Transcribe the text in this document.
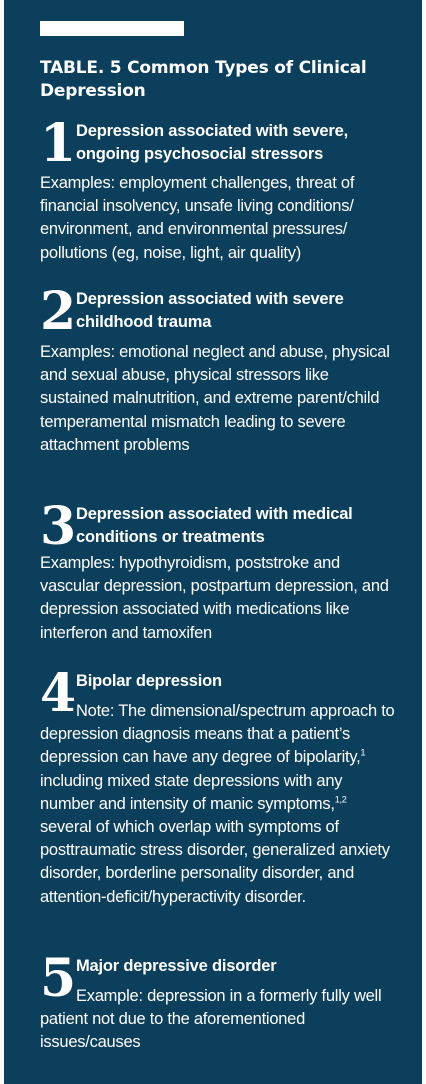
TABLE. 5 Common Types of Clinical Depression
1 Depression associated with severe, ongoing psychosocial stressors
Examples: employment challenges, threat of financial insolvency, unsafe living conditions/ environment, and environmental pressures/ pollutions (eg, noise, light, air quality)
2 Depression associated with severe childhood trauma
Examples: emotional neglect and abuse, physical and sexual abuse, physical stressors like sustained malnutrition, and extreme parent/child temperamental mismatch leading to severe attachment problems
3 Depression associated with medical conditions or treatments
Examples: hypothyroidism, poststroke and vascular depression, postpartum depression, and depression associated with medications like interferon and tamoxifen
4 Bipolar depression
Note: The dimensional/spectrum approach to depression diagnosis means that a patient’s depression can have any degree of bipolarity,$^1$ including mixed state depressions with any number and intensity of manic symptoms,$^{1,2}$ several of which overlap with symptoms of posttraumatic stress disorder, generalized anxiety disorder, borderline personality disorder, and attention-deficit/hyperactivity disorder.
5 Major depressive disorder
Example: depression in a formerly fully well patient not due to the aforementioned issues/causes
